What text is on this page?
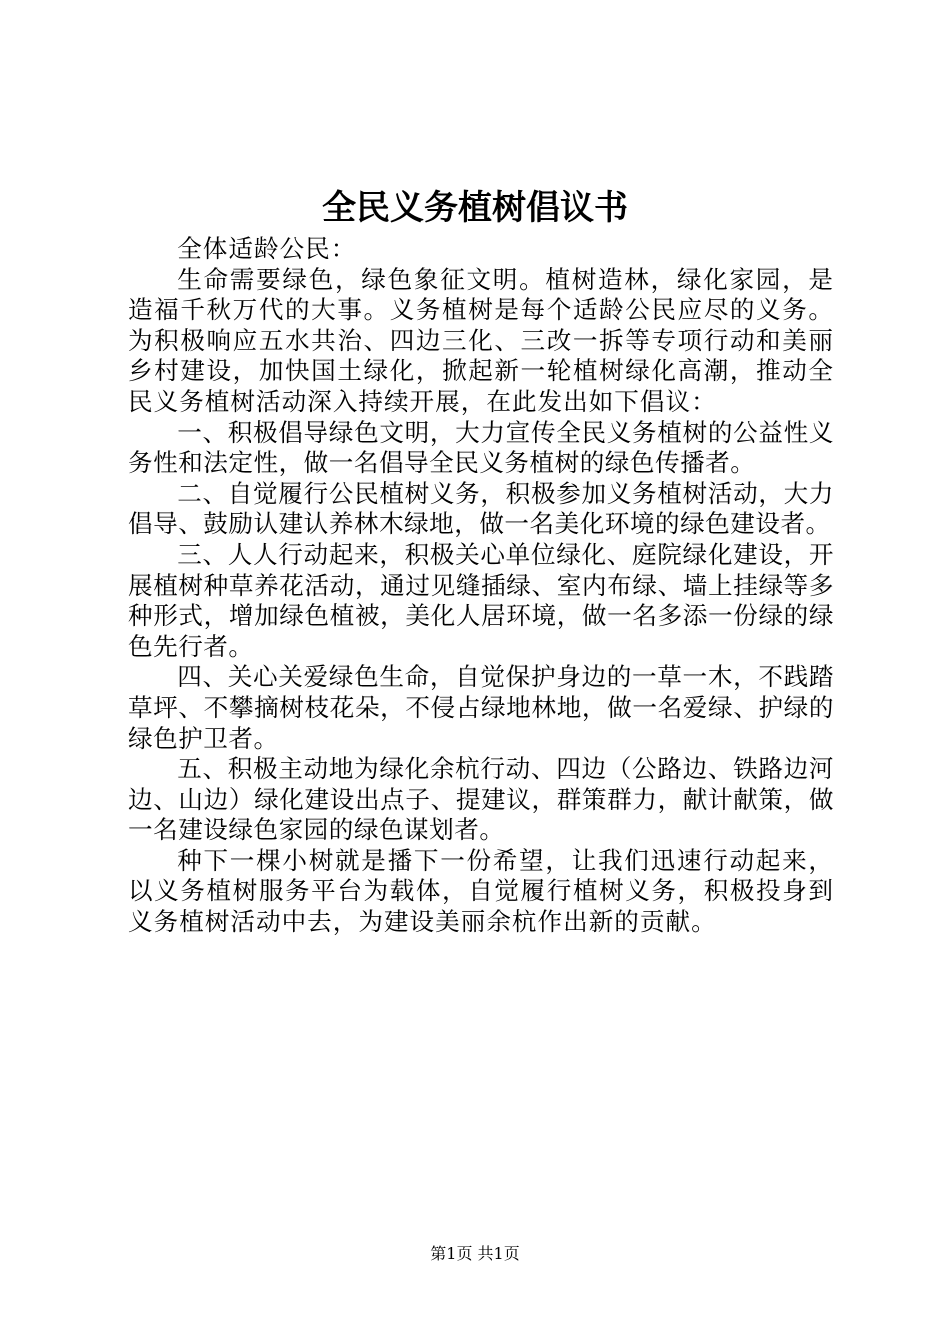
全民义务植树倡议书

全体适龄公民：

生命需要绿色，绿色象征文明。植树造林，绿化家园，是造福千秋万代的大事。义务植树是每个适龄公民应尽的义务。为积极响应五水共治、四边三化、三改一拆等专项行动和美丽乡村建设，加快国土绿化，掀起新一轮植树绿化高潮，推动全民义务植树活动深入持续开展，在此发出如下倡议：

一、积极倡导绿色文明，大力宣传全民义务植树的公益性义务性和法定性，做一名倡导全民义务植树的绿色传播者。

二、自觉履行公民植树义务，积极参加义务植树活动，大力倡导、鼓励认建认养林木绿地，做一名美化环境的绿色建设者。

三、人人行动起来，积极关心单位绿化、庭院绿化建设，开展植树种草养花活动，通过见缝插绿、室内布绿、墙上挂绿等多种形式，增加绿色植被，美化人居环境，做一名多添一份绿的绿色先行者。

四、关心关爱绿色生命，自觉保护身边的一草一木，不践踏草坪、不攀摘树枝花朵，不侵占绿地林地，做一名爱绿、护绿的绿色护卫者。

五、积极主动地为绿化余杭行动、四边（公路边、铁路边河边、山边）绿化建设出点子、提建议，群策群力，献计献策，做一名建设绿色家园的绿色谋划者。

种下一棵小树就是播下一份希望，让我们迅速行动起来，以义务植树服务平台为载体，自觉履行植树义务，积极投身到义务植树活动中去，为建设美丽余杭作出新的贡献。

第1页 共1页
